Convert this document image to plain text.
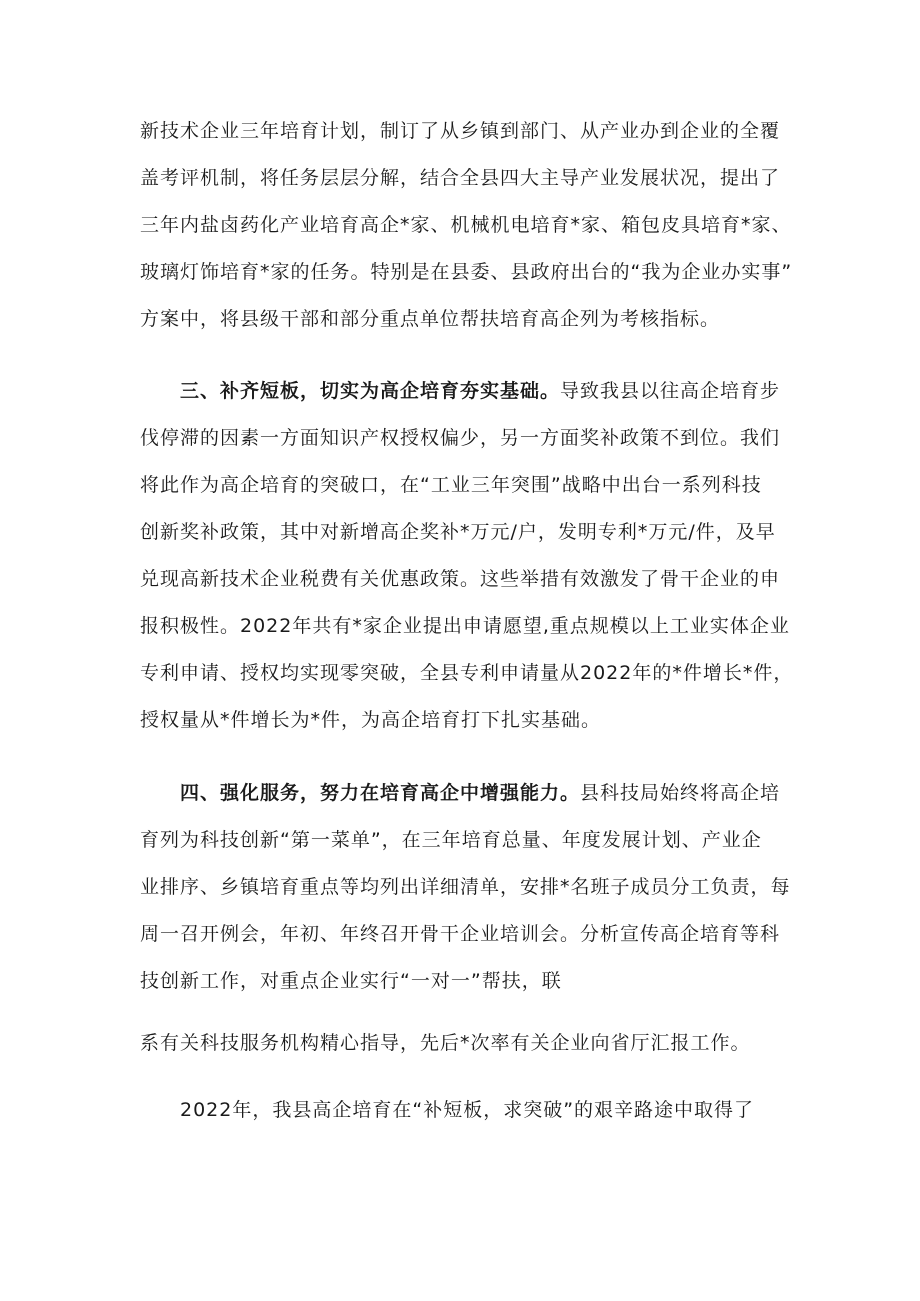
新技术企业三年培育计划，制订了从乡镇到部门、从产业办到企业的全覆

盖考评机制，将任务层层分解，结合全县四大主导产业发展状况，提出了

三年内盐卤药化产业培育高企*家、机械机电培育*家、箱包皮具培育*家、

玻璃灯饰培育*家的任务。特别是在县委、县政府出台的“我为企业办实事”

方案中，将县级干部和部分重点单位帮扶培育高企列为考核指标。

三、补齐短板，切实为高企培育夯实基础。导致我县以往高企培育步

伐停滞的因素一方面知识产权授权偏少，另一方面奖补政策不到位。我们

将此作为高企培育的突破口，在“工业三年突围”战略中出台一系列科技

创新奖补政策，其中对新增高企奖补*万元/户，发明专利*万元/件，及早

兑现高新技术企业税费有关优惠政策。这些举措有效激发了骨干企业的申

报积极性。2022年共有*家企业提出申请愿望,重点规模以上工业实体企业

专利申请、授权均实现零突破，全县专利申请量从2022年的*件增长*件，

授权量从*件增长为*件，为高企培育打下扎实基础。

四、强化服务，努力在培育高企中增强能力。县科技局始终将高企培

育列为科技创新“第一菜单”，在三年培育总量、年度发展计划、产业企

业排序、乡镇培育重点等均列出详细清单，安排*名班子成员分工负责，每

周一召开例会，年初、年终召开骨干企业培训会。分析宣传高企培育等科

技创新工作，对重点企业实行“一对一”帮扶，联

系有关科技服务机构精心指导，先后*次率有关企业向省厅汇报工作。

2022年，我县高企培育在“补短板，求突破”的艰辛路途中取得了
